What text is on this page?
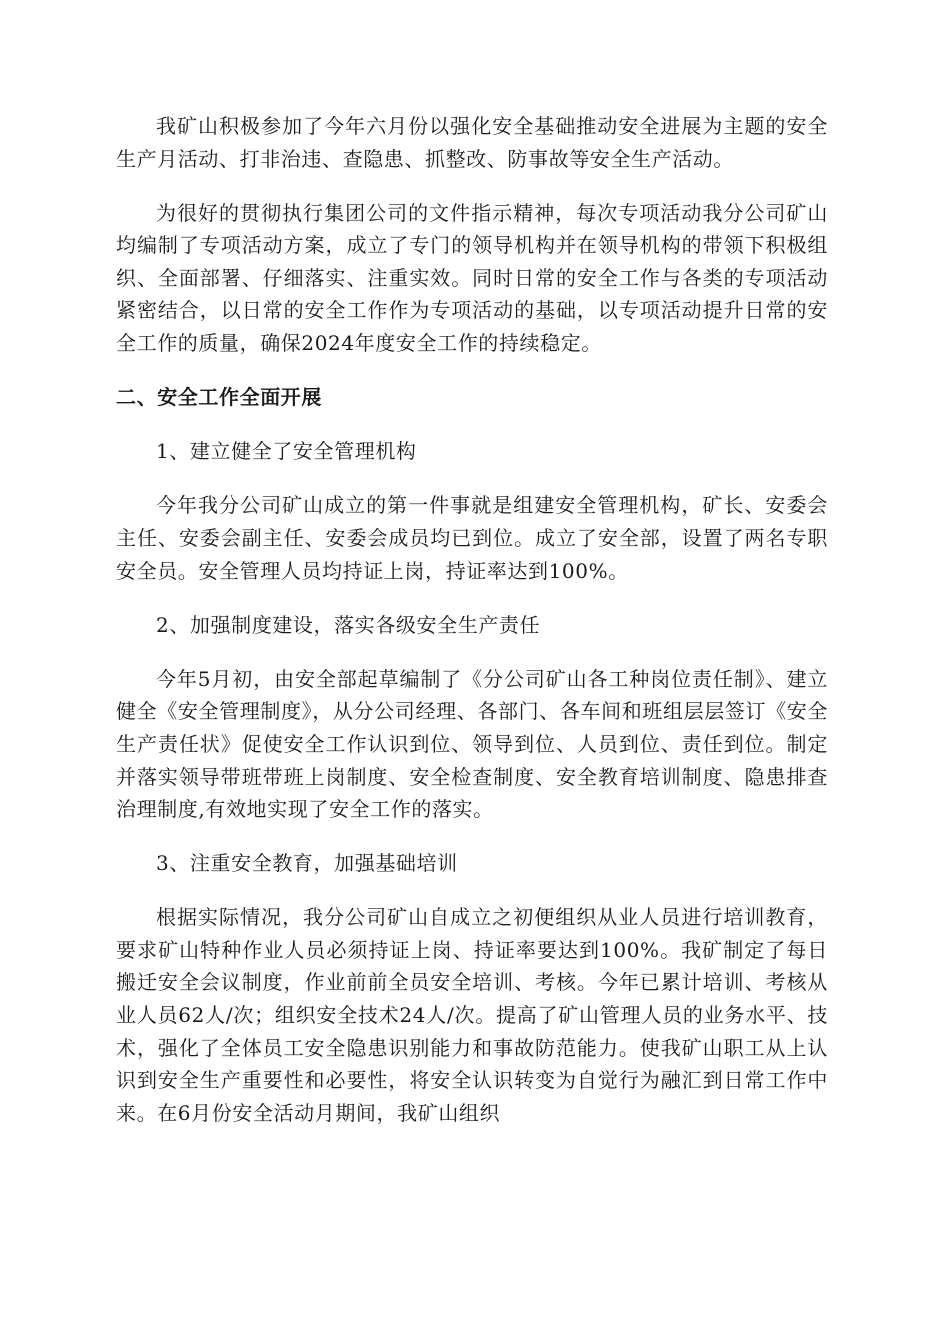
我矿山积极参加了今年六月份以强化安全基础推动安全进展为主题的安全生产月活动、打非治违、查隐患、抓整改、防事故等安全生产活动。

为很好的贯彻执行集团公司的文件指示精神，每次专项活动我分公司矿山均编制了专项活动方案，成立了专门的领导机构并在领导机构的带领下积极组织、全面部署、仔细落实、注重实效。同时日常的安全工作与各类的专项活动紧密结合，以日常的安全工作作为专项活动的基础，以专项活动提升日常的安全工作的质量，确保2024年度安全工作的持续稳定。

二、安全工作全面开展

1、建立健全了安全管理机构

今年我分公司矿山成立的第一件事就是组建安全管理机构，矿长、安委会主任、安委会副主任、安委会成员均已到位。成立了安全部，设置了两名专职安全员。安全管理人员均持证上岗，持证率达到100%。

2、加强制度建设，落实各级安全生产责任

今年5月初，由安全部起草编制了《分公司矿山各工种岗位责任制》、建立健全《安全管理制度》，从分公司经理、各部门、各车间和班组层层签订《安全生产责任状》促使安全工作认识到位、领导到位、人员到位、责任到位。制定并落实领导带班带班上岗制度、安全检查制度、安全教育培训制度、隐患排查治理制度,有效地实现了安全工作的落实。

3、注重安全教育，加强基础培训

根据实际情况，我分公司矿山自成立之初便组织从业人员进行培训教育，要求矿山特种作业人员必须持证上岗、持证率要达到100%。我矿制定了每日搬迁安全会议制度，作业前前全员安全培训、考核。今年已累计培训、考核从业人员62人/次；组织安全技术24人/次。提高了矿山管理人员的业务水平、技术，强化了全体员工安全隐患识别能力和事故防范能力。使我矿山职工从上认识到安全生产重要性和必要性，将安全认识转变为自觉行为融汇到日常工作中来。在6月份安全活动月期间，我矿山组织
